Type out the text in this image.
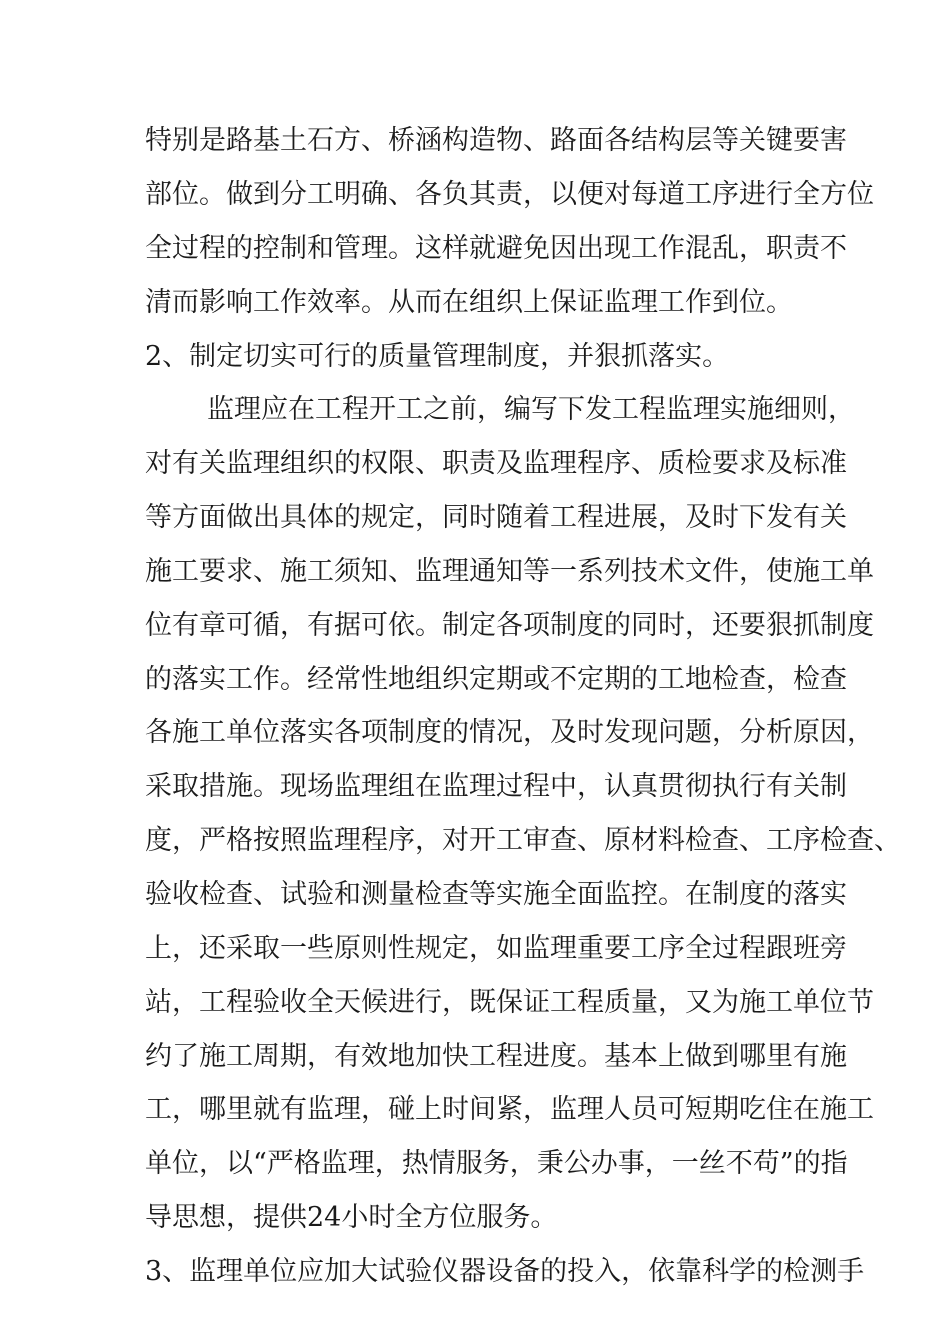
特别是路基土石方、桥涵构造物、路面各结构层等关键要害
部位。做到分工明确、各负其责，以便对每道工序进行全方位
全过程的控制和管理。这样就避免因出现工作混乱，职责不
清而影响工作效率。从而在组织上保证监理工作到位。
2、制定切实可行的质量管理制度，并狠抓落实。
监理应在工程开工之前，编写下发工程监理实施细则，
对有关监理组织的权限、职责及监理程序、质检要求及标准
等方面做出具体的规定，同时随着工程进展，及时下发有关
施工要求、施工须知、监理通知等一系列技术文件，使施工单
位有章可循，有据可依。制定各项制度的同时，还要狠抓制度
的落实工作。经常性地组织定期或不定期的工地检查，检查
各施工单位落实各项制度的情况，及时发现问题，分析原因，
采取措施。现场监理组在监理过程中，认真贯彻执行有关制
度，严格按照监理程序，对开工审查、原材料检查、工序检查、
验收检查、试验和测量检查等实施全面监控。在制度的落实
上，还采取一些原则性规定，如监理重要工序全过程跟班旁
站，工程验收全天候进行，既保证工程质量，又为施工单位节
约了施工周期，有效地加快工程进度。基本上做到哪里有施
工，哪里就有监理，碰上时间紧，监理人员可短期吃住在施工
单位，以“严格监理，热情服务，秉公办事，一丝不苟”的指
导思想，提供24小时全方位服务。
3、监理单位应加大试验仪器设备的投入，依靠科学的检测手
